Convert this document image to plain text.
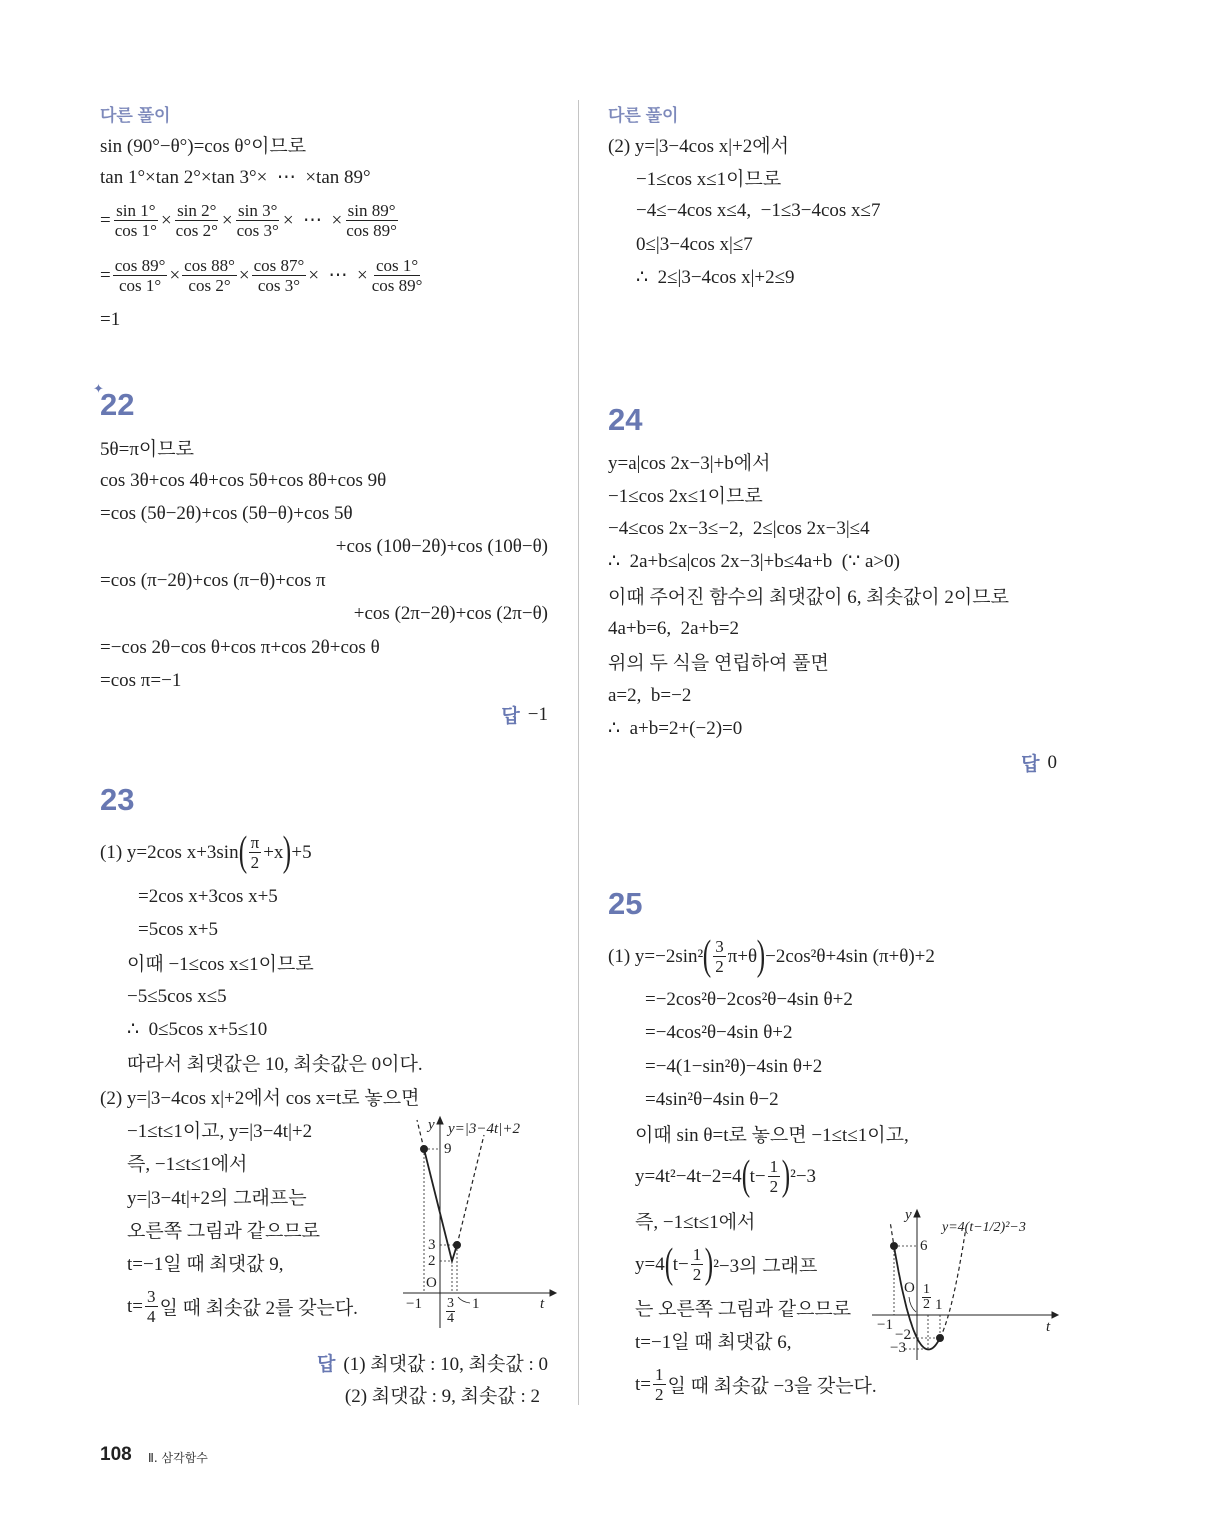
다른 풀이
sin (90°−θ°)=cos θ°이므로
tan 1°×tan 2°×tan 3°×  ⋯  ×tan 89°
= $\frac{\sin 1^\circ}{\cos 1^\circ} \times \frac{\sin 2^\circ}{\cos 2^\circ} \times \frac{\sin 3^\circ}{\cos 3^\circ}$ ×  ⋯  × $\frac{\sin 89^\circ}{\cos 89^\circ}$
= $\frac{\cos 89^\circ}{\cos 1^\circ} \times \frac{\cos 88^\circ}{\cos 2^\circ} \times \frac{\cos 87^\circ}{\cos 3^\circ}$ ×  ⋯  × $\frac{\cos 1^\circ}{\cos 89^\circ}$
=1
✦
22
5θ=π이므로
cos 3θ+cos 4θ+cos 5θ+cos 8θ+cos 9θ
=cos (5θ−2θ)+cos (5θ−θ)+cos 5θ
+cos (10θ−2θ)+cos (10θ−θ)
=cos (π−2θ)+cos (π−θ)+cos π
+cos (2π−2θ)+cos (2π−θ)
=−cos 2θ−cos θ+cos π+cos 2θ+cos θ
=cos π=−1
답 −1
23
(1) y=2cos x+3sin ( $\frac{\pi}{2} +x$ ) +5
=2cos x+3cos x+5
=5cos x+5
이때 −1≤cos x≤1이므로
−5≤5cos x≤5
∴  0≤5cos x+5≤10
따라서 최댓값은 10, 최솟값은 0이다.
(2) y=|3−4cos x|+2에서 cos x=t로 놓으면
−1≤t≤1이고, y=|3−4t|+2
즉, −1≤t≤1에서
y=|3−4t|+2의 그래프는
오른쪽 그림과 같으므로
t=−1일 때 최댓값 9,
$t= \frac{3}{4}$ 일 때 최솟값 2를 갖는다.
y y=|3−4t|+2
9
3
2
O
−1	1	t
3
4
답 (1) 최댓값 : 10, 최솟값 : 0
(2) 최댓값 : 9, 최솟값 : 2
다른 풀이
(2) y=|3−4cos x|+2에서
−1≤cos x≤1이므로
−4≤−4cos x≤4,  −1≤3−4cos x≤7
0≤|3−4cos x|≤7
∴  2≤|3−4cos x|+2≤9
24
y=a|cos 2x−3|+b에서
−1≤cos 2x≤1이므로
−4≤cos 2x−3≤−2,  2≤|cos 2x−3|≤4
∴  2a+b≤a|cos 2x−3|+b≤4a+b  (∵ a>0)
이때 주어진 함수의 최댓값이 6, 최솟값이 2이므로
4a+b=6,  2a+b=2
위의 두 식을 연립하여 풀면
a=2,  b=−2
∴  a+b=2+(−2)=0
답 0
25
(1) y=−2sin² ( $\frac{3}{2} \pi+\theta$ ) −2cos²θ+4sin (π+θ)+2
=−2cos²θ−2cos²θ−4sin θ+2
=−4cos²θ−4sin θ+2
=−4(1−sin²θ)−4sin θ+2
=4sin²θ−4sin θ−2
이때 sin θ=t로 놓으면 −1≤t≤1이고,
y=4t²−4t−2=4 ( $t- \frac{1}{2}$ ) ²−3
즉, −1≤t≤1에서
y=4 ( $t- \frac{1}{2}$ ) ²−3의 그래프
는 오른쪽 그림과 같으므로
t=−1일 때 최댓값 6,
$t= \frac{1}{2}$ 일 때 최솟값 −3을 갖는다.
y
y=4(t−1/2)²−3
6
−2
−3
O
−1
1
t
1
2
108 Ⅱ. 삼각함수
